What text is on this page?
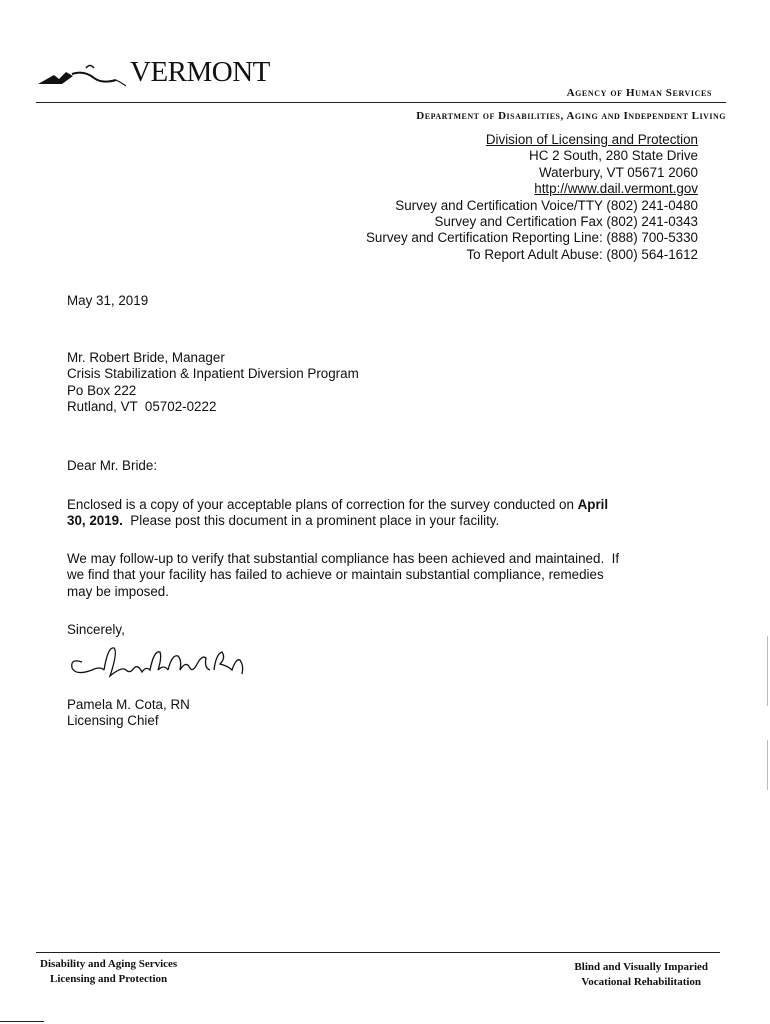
VERMONT
Agency of Human Services
Department of Disabilities, Aging and Independent Living
Division of Licensing and Protection
HC 2 South, 280 State Drive
Waterbury, VT 05671 2060
http://www.dail.vermont.gov
Survey and Certification Voice/TTY (802) 241-0480
Survey and Certification Fax (802) 241-0343
Survey and Certification Reporting Line: (888) 700-5330
To Report Adult Abuse: (800) 564-1612
May 31, 2019
Mr. Robert Bride, Manager
Crisis Stabilization & Inpatient Diversion Program
Po Box 222
Rutland, VT  05702-0222
Dear Mr. Bride:
Enclosed is a copy of your acceptable plans of correction for the survey conducted on April
30, 2019.  Please post this document in a prominent place in your facility.
We may follow-up to verify that substantial compliance has been achieved and maintained.  If
we find that your facility has failed to achieve or maintain substantial compliance, remedies
may be imposed.
Sincerely,
Pamela M. Cota, RN
Licensing Chief
Disability and Aging Services
Licensing and Protection
Blind and Visually Imparied
Vocational Rehabilitation
